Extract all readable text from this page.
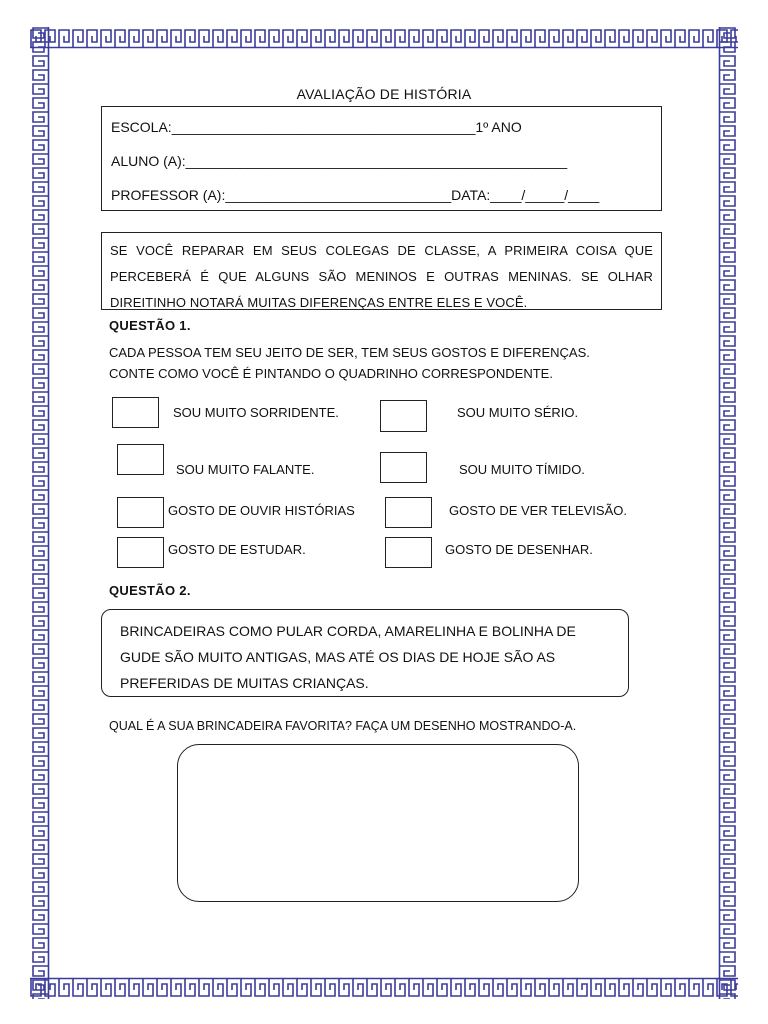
AVALIAÇÃO DE HISTÓRIA
ESCOLA:_______________________________________1º ANO
ALUNO (A):_________________________________________________
PROFESSOR (A):_____________________________DATA:____/_____/____
SE VOCÊ REPARAR EM SEUS COLEGAS DE CLASSE, A PRIMEIRA COISA QUE PERCEBERÁ É QUE ALGUNS SÃO MENINOS E OUTRAS MENINAS. SE OLHAR DIREITINHO NOTARÁ MUITAS DIFERENÇAS ENTRE ELES E VOCÊ.
QUESTÃO 1.
CADA PESSOA TEM SEU JEITO DE SER, TEM SEUS GOSTOS E DIFERENÇAS.
CONTE COMO VOCÊ É PINTANDO O QUADRINHO CORRESPONDENTE.
SOU MUITO SORRIDENTE.	SOU MUITO SÉRIO.
SOU MUITO FALANTE.	SOU MUITO TÍMIDO.
GOSTO DE OUVIR HISTÓRIAS	GOSTO DE VER TELEVISÃO.
GOSTO DE ESTUDAR.	GOSTO DE DESENHAR.
QUESTÃO 2.
BRINCADEIRAS COMO PULAR CORDA, AMARELINHA E BOLINHA DE GUDE SÃO MUITO ANTIGAS, MAS ATÉ OS DIAS DE HOJE SÃO AS PREFERIDAS DE MUITAS CRIANÇAS.
QUAL É A SUA BRINCADEIRA FAVORITA? FAÇA UM DESENHO MOSTRANDO-A.
